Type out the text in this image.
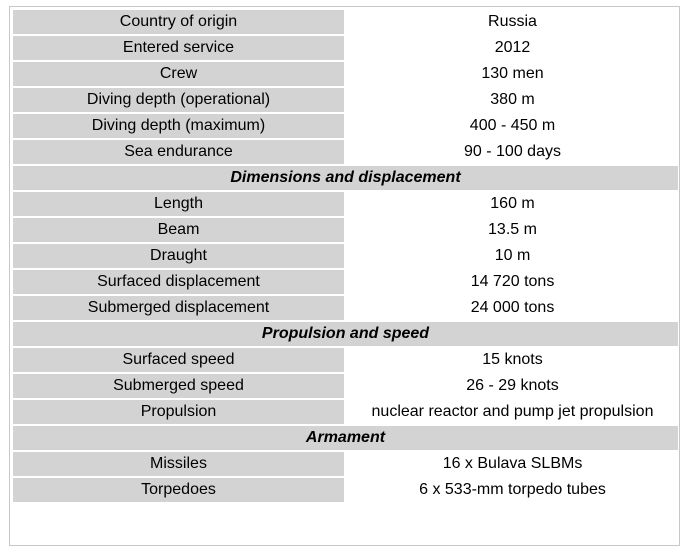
Country of origin	Russia
Entered service	2012
Crew	130 men
Diving depth (operational)	380 m
Diving depth (maximum)	400 - 450 m
Sea endurance	90 - 100 days
Dimensions and displacement
Length	160 m
Beam	13.5 m
Draught	10 m
Surfaced displacement	14 720 tons
Submerged displacement	24 000 tons
Propulsion and speed
Surfaced speed	15 knots
Submerged speed	26 - 29 knots
Propulsion	nuclear reactor and pump jet propulsion
Armament
Missiles	16 x Bulava SLBMs
Torpedoes	6 x 533-mm torpedo tubes
